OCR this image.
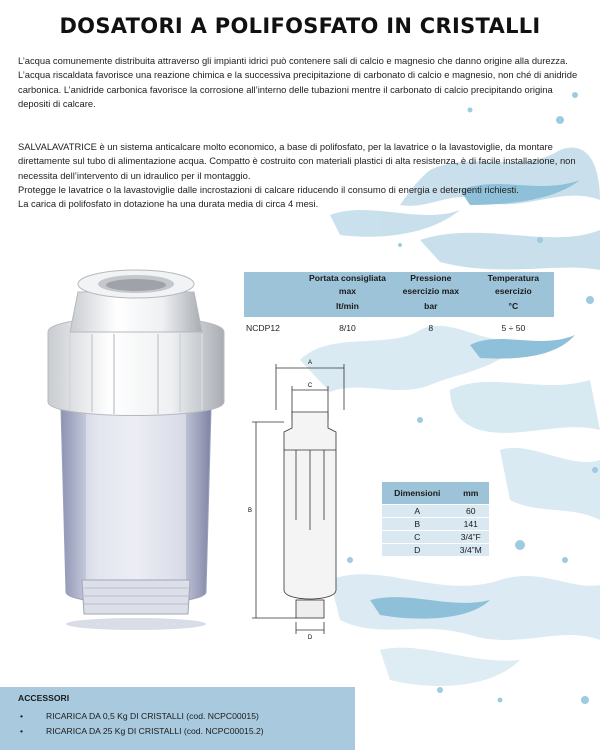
DOSATORI A POLIFOSFATO IN CRISTALLI

L’acqua comunemente distribuita attraverso gli impianti idrici può contenere sali di calcio e magnesio che danno origine alla durezza. L’acqua riscaldata favorisce una reazione chimica e la successiva precipitazione di carbonato di calcio e magnesio, non ché di anidride carbonica. L’anidride carbonica favorisce la corrosione all’interno delle tubazioni mentre il carbonato di calcio precipitando origina depositi di calcare.

SALVALAVATRICE è un sistema anticalcare molto economico, a base di polifosfato, per la lavatrice o la lavastoviglie, da montare direttamente sul tubo di alimentazione acqua. Compatto è costruito con materiali plastici di alta resistenza, è di facile installazione, non necessita dell’intervento di un idraulico per il montaggio.

Protegge le lavatrice o la lavastoviglie dalle incrostazioni di calcare riducendo il consumo di energia e detergenti richiesti.

La carica di polifosfato in dotazione ha una durata media di circa 4 mesi.

	Portata consigliata max	Pressione esercizio max	Temperatura esercizio
	lt/min	bar	°C
NCDP12	8/10	8	5 ÷ 50
A
C
B
D
Dimensioni	mm
A	60
B	141
C	3/4”F
D	3/4”M
ACCESSORI
•	RICARICA DA 0,5 Kg DI CRISTALLI (cod. NCPC00015)
•	RICARICA DA 25 Kg DI CRISTALLI (cod. NCPC00015.2)
